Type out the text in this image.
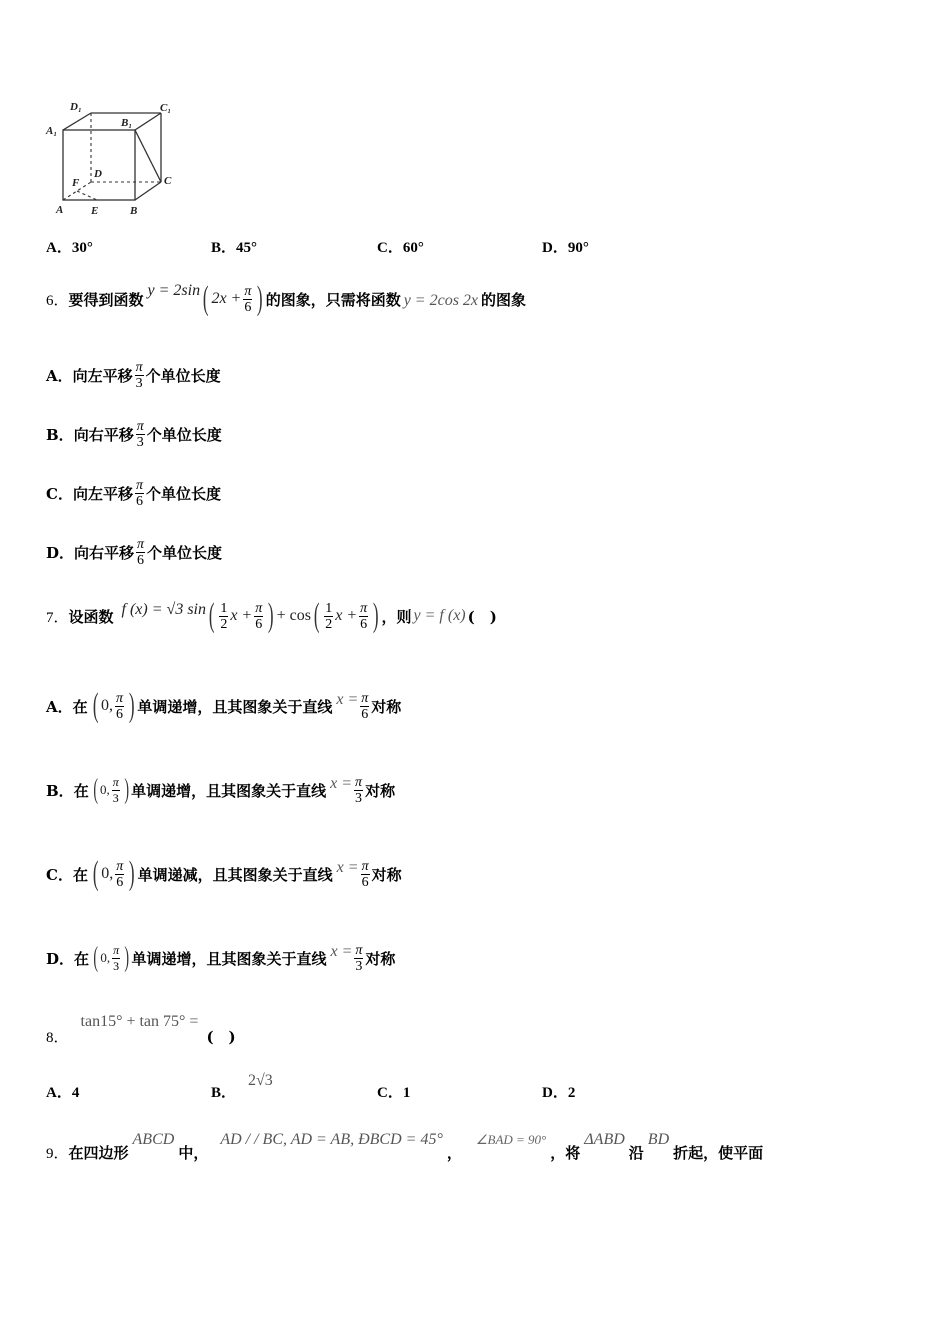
D₁	C₁
A₁
B₁
D
F	C
A	E	B
A．30°	B．45°	C．60°	D．90°
6． 要得到函数 y = 2sin ( $2x + \frac{\pi}{6}$ ) 的图象，只需将函数 y = 2cos 2x 的图象
A． 向左平移 $\frac{\pi}{3}$ 个单位长度
B． 向右平移 $\frac{\pi}{3}$ 个单位长度
C． 向左平移 $\frac{\pi}{6}$ 个单位长度
D． 向右平移 $\frac{\pi}{6}$ 个单位长度
7． 设函数 f (x) = √3 sin ( $\frac{1}{2}$ $x + \frac{\pi}{6}$ ) + cos ( $\frac{1}{2}$ $x + \frac{\pi}{6}$ ) ，则 y = f (x) (　)
A． 在 ( 0, $\frac{\pi}{6}$ ) 单调递增，且其图象关于直线 $x = \frac{\pi}{6}$ 对称
B． 在 ( 0, $\frac{\pi}{3}$ ) 单调递增，且其图象关于直线 $x = \frac{\pi}{3}$ 对称
C． 在 ( 0, $\frac{\pi}{6}$ ) 单调递减，且其图象关于直线 $x = \frac{\pi}{6}$ 对称
D． 在 ( 0, $\frac{\pi}{3}$ ) 单调递增，且其图象关于直线 $x = \frac{\pi}{3}$ 对称
8．
tan15° + tan 75° =
(　)
A．4	B．2√3
C．1	D．2
9． 在四边形
ABCD
中，
AD / / BC, AD = AB, ÐBCD = 45°
，
∠BAD = 90°
，将
ΔABD
沿
BD
折起，使平面
